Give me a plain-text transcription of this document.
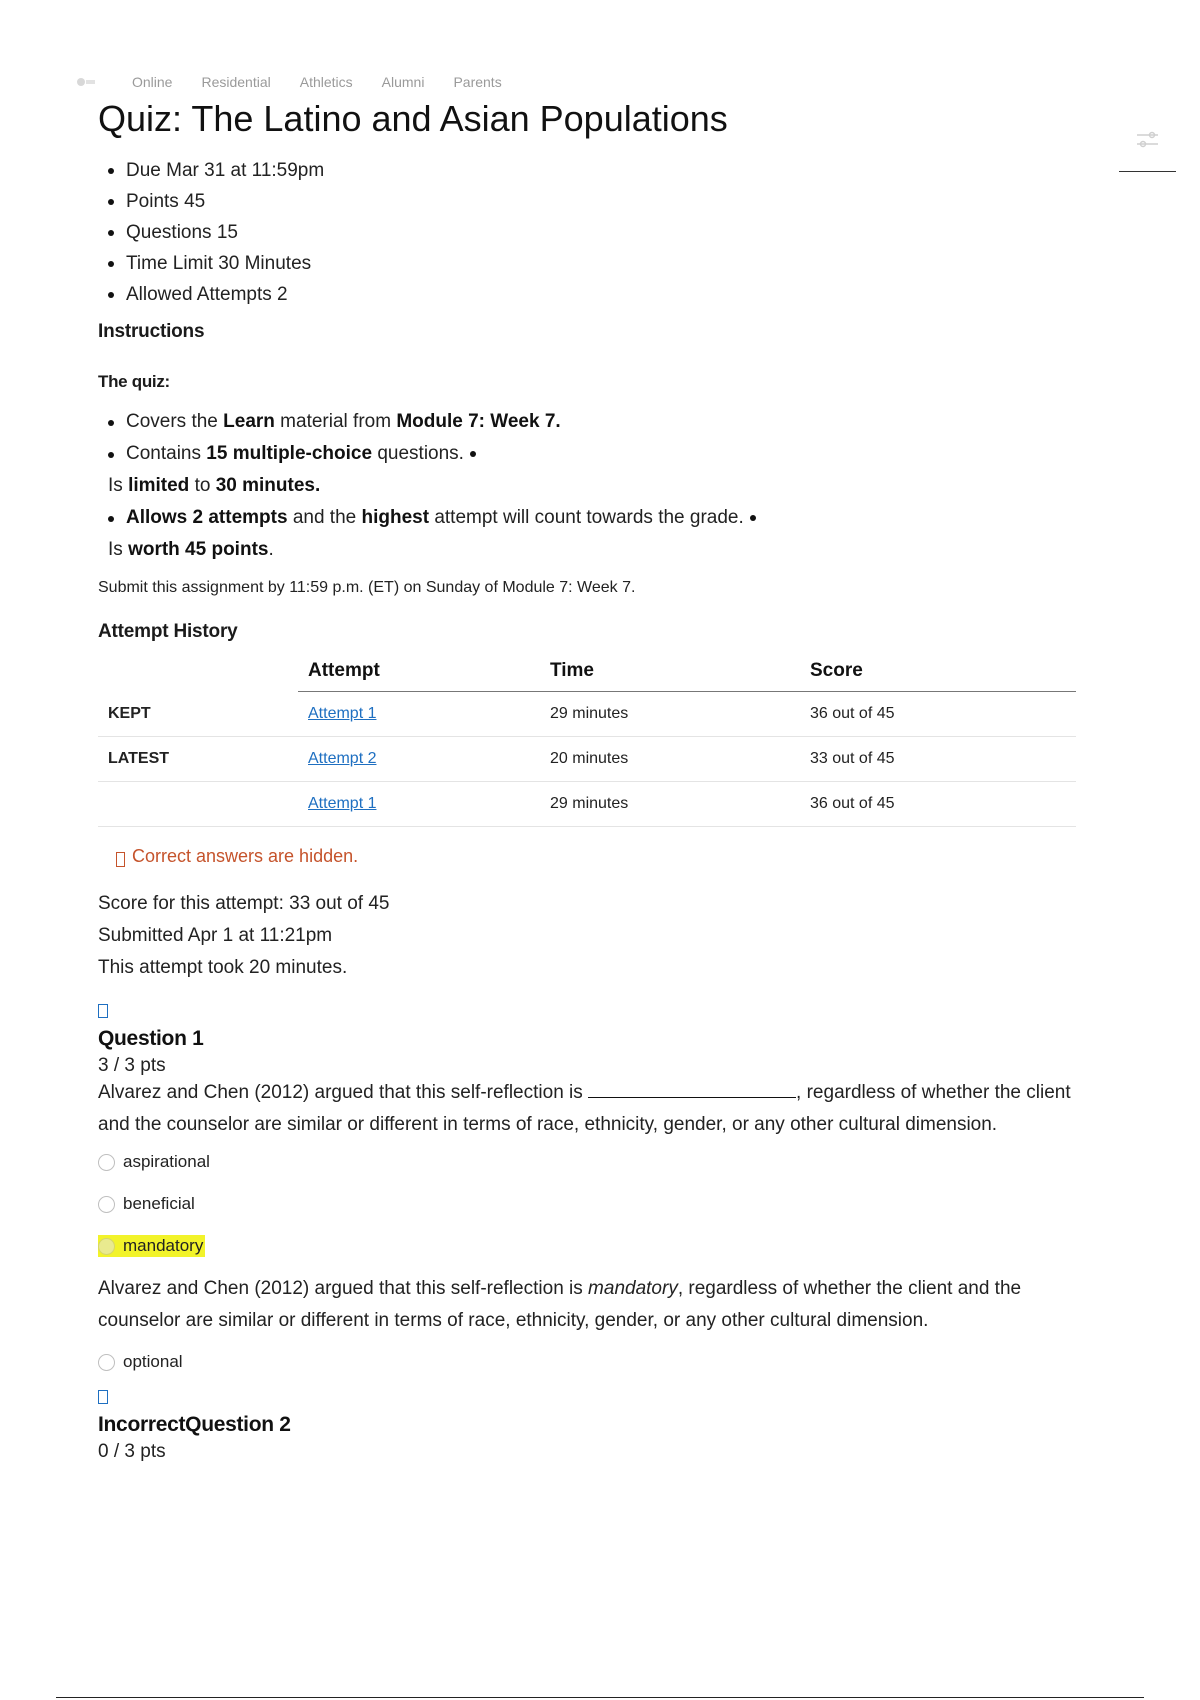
Online Residential Athletics Alumni Parents
Quiz: The Latino and Asian Populations
Due Mar 31 at 11:59pm
Points 45
Questions 15
Time Limit 30 Minutes
Allowed Attempts 2
Instructions
The quiz:
Covers the Learn material from Module 7: Week 7.
Contains 15 multiple-choice questions.
Is limited to 30 minutes.
Allows 2 attempts and the highest attempt will count towards the grade.
Is worth 45 points.
Submit this assignment by 11:59 p.m. (ET) on Sunday of Module 7: Week 7.
Attempt History
	Attempt	Time	Score
KEPT	Attempt 1	29 minutes	36 out of 45
LATEST	Attempt 2	20 minutes	33 out of 45
	Attempt 1	29 minutes	36 out of 45
Correct answers are hidden.
Score for this attempt: 33 out of 45
Submitted Apr 1 at 11:21pm
This attempt took 20 minutes.
Question 1
3 / 3 pts
Alvarez and Chen (2012) argued that this self-reflection is	, regardless of whether the client and the counselor are similar or different in terms of race, ethnicity, gender, or any other cultural dimension.
aspirational
beneficial
mandatory
Alvarez and Chen (2012) argued that this self-reflection is mandatory, regardless of whether the client and the counselor are similar or different in terms of race, ethnicity, gender, or any other cultural dimension.
optional
IncorrectQuestion 2
0 / 3 pts
